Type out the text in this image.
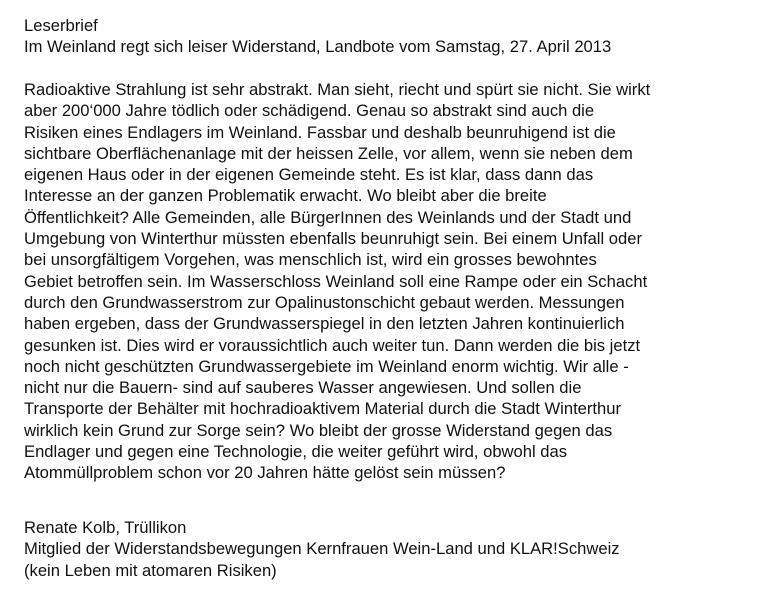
Leserbrief
Im Weinland regt sich leiser Widerstand, Landbote vom Samstag, 27. April 2013
Radioaktive Strahlung ist sehr abstrakt. Man sieht, riecht und spürt sie nicht. Sie wirkt
aber 200‘000 Jahre tödlich oder schädigend. Genau so abstrakt sind auch die
Risiken eines Endlagers im Weinland. Fassbar und deshalb beunruhigend ist die
sichtbare Oberflächenanlage mit der heissen Zelle, vor allem, wenn sie neben dem
eigenen Haus oder in der eigenen Gemeinde steht. Es ist klar, dass dann das
Interesse an der ganzen Problematik erwacht. Wo bleibt aber die breite
Öffentlichkeit? Alle Gemeinden, alle BürgerInnen des Weinlands und der Stadt und
Umgebung von Winterthur müssten ebenfalls beunruhigt sein. Bei einem Unfall oder
bei unsorgfältigem Vorgehen, was menschlich ist, wird ein grosses bewohntes
Gebiet betroffen sein. Im Wasserschloss Weinland soll eine Rampe oder ein Schacht
durch den Grundwasserstrom zur Opalinustonschicht gebaut werden. Messungen
haben ergeben, dass der Grundwasserspiegel in den letzten Jahren kontinuierlich
gesunken ist. Dies wird er voraussichtlich auch weiter tun. Dann werden die bis jetzt
noch nicht geschützten Grundwassergebiete im Weinland enorm wichtig. Wir alle -
nicht nur die Bauern- sind auf sauberes Wasser angewiesen. Und sollen die
Transporte der Behälter mit hochradioaktivem Material durch die Stadt Winterthur
wirklich kein Grund zur Sorge sein? Wo bleibt der grosse Widerstand gegen das
Endlager und gegen eine Technologie, die weiter geführt wird, obwohl das
Atommüllproblem schon vor 20 Jahren hätte gelöst sein müssen?
Renate Kolb, Trüllikon
Mitglied der Widerstandsbewegungen Kernfrauen Wein-Land und KLAR!Schweiz
(kein Leben mit atomaren Risiken)
